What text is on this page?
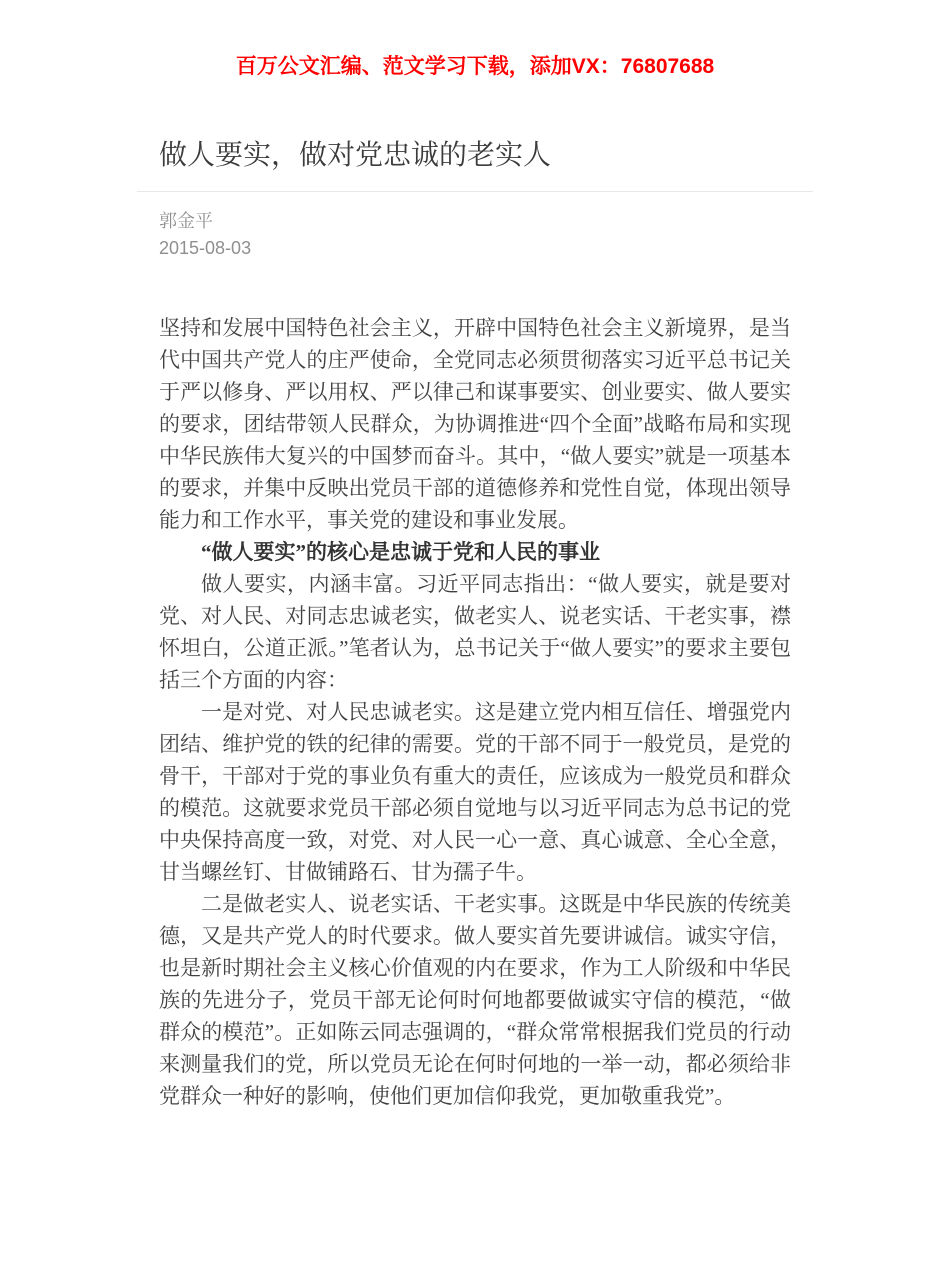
百万公文汇编、范文学习下载，添加VX：76807688
做人要实，做对党忠诚的老实人
郭金平
2015-08-03

坚持和发展中国特色社会主义，开辟中国特色社会主义新境界，是当代中国共产党人的庄严使命，全党同志必须贯彻落实习近平总书记关于严以修身、严以用权、严以律己和谋事要实、创业要实、做人要实的要求，团结带领人民群众，为协调推进“四个全面”战略布局和实现中华民族伟大复兴的中国梦而奋斗。其中，“做人要实”就是一项基本的要求，并集中反映出党员干部的道德修养和党性自觉，体现出领导能力和工作水平，事关党的建设和事业发展。

“做人要实”的核心是忠诚于党和人民的事业

做人要实，内涵丰富。习近平同志指出：“做人要实，就是要对党、对人民、对同志忠诚老实，做老实人、说老实话、干老实事，襟怀坦白，公道正派。”笔者认为，总书记关于“做人要实”的要求主要包括三个方面的内容：

一是对党、对人民忠诚老实。这是建立党内相互信任、增强党内团结、维护党的铁的纪律的需要。党的干部不同于一般党员，是党的骨干，干部对于党的事业负有重大的责任，应该成为一般党员和群众的模范。这就要求党员干部必须自觉地与以习近平同志为总书记的党中央保持高度一致，对党、对人民一心一意、真心诚意、全心全意，甘当螺丝钉、甘做铺路石、甘为孺子牛。

二是做老实人、说老实话、干老实事。这既是中华民族的传统美德，又是共产党人的时代要求。做人要实首先要讲诚信。诚实守信，也是新时期社会主义核心价值观的内在要求，作为工人阶级和中华民族的先进分子，党员干部无论何时何地都要做诚实守信的模范，“做群众的模范”。正如陈云同志强调的，“群众常常根据我们党员的行动来测量我们的党，所以党员无论在何时何地的一举一动，都必须给非党群众一种好的影响，使他们更加信仰我党，更加敬重我党”。
